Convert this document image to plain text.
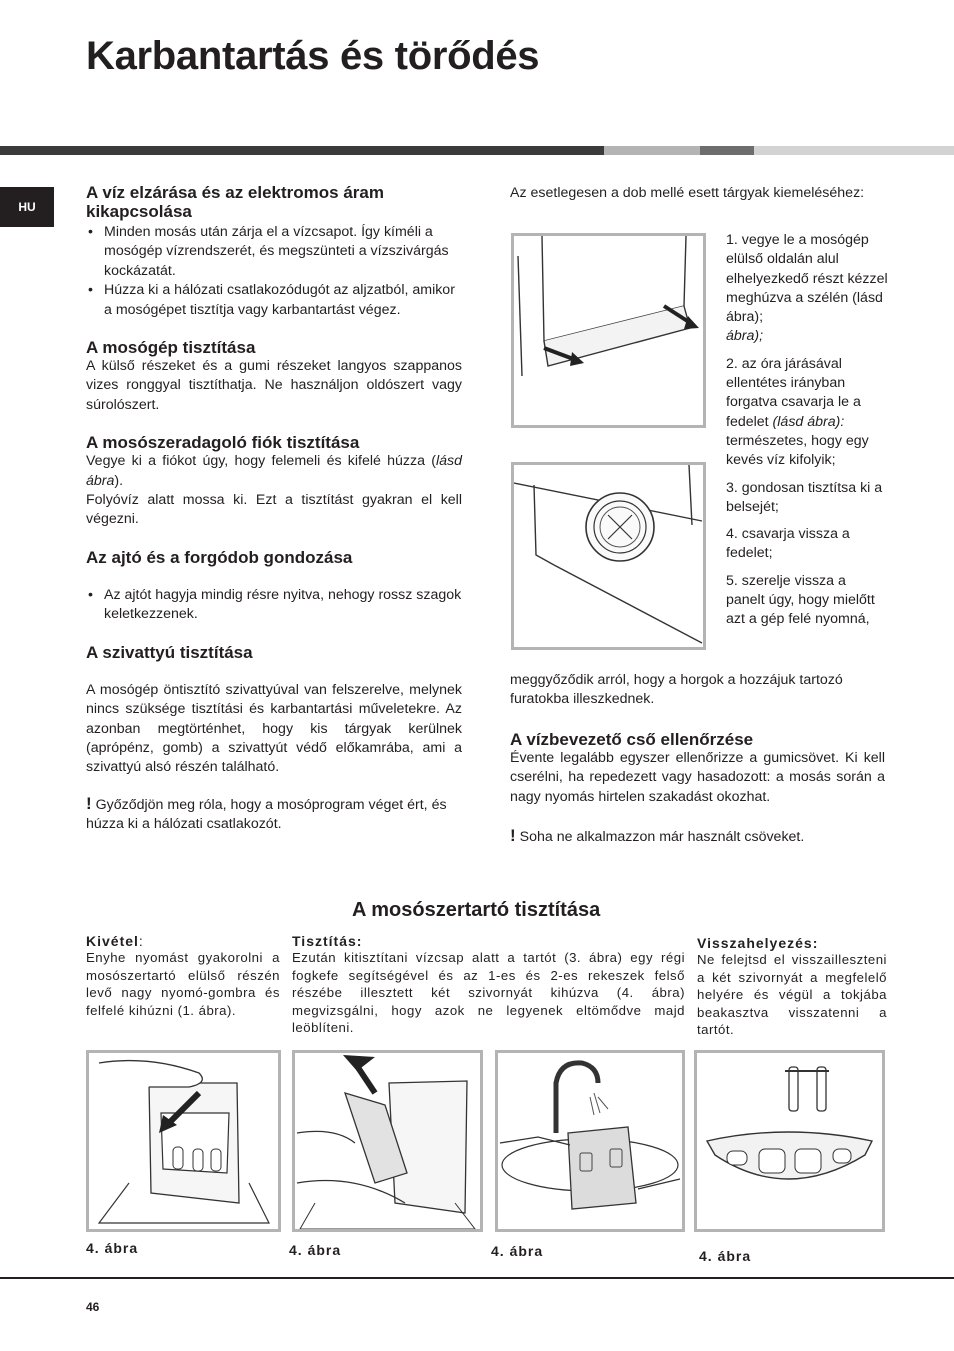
Karbantartás és törődés
HU
A víz elzárása és az elektromos áram kikapcsolása
• Minden mosás után zárja el a vízcsapot. Így kíméli a mosógép vízrendszerét, és megszünteti a vízszivárgás kockázatát.
• Húzza ki a hálózati csatlakozódugót az aljzatból, amikor a mosógépet tisztítja vagy karbantartást végez.
A mosógép tisztítása

A külső részeket és a gumi részeket langyos szappanos vizes ronggyal tisztíthatja. Ne használjon oldószert vagy súrolószert.

A mosószeradagoló fiók tisztítása

Vegye ki a fiókot úgy, hogy felemeli és kifelé húzza (lásd ábra).

Folyóvíz alatt mossa ki. Ezt a tisztítást gyakran el kell végezni.

Az ajtó és a forgódob gondozása
• Az ajtót hagyja mindig résre nyitva, nehogy rossz szagok keletkezzenek.
A szivattyú tisztítása

A mosógép öntisztító szivattyúval van felszerelve, melynek nincs szüksége tisztítási és karbantartási műveletekre. Az azonban megtörténhet, hogy kis tárgyak kerülnek (aprópénz, gomb) a szivattyút védő előkamrába, ami a szivattyú alsó részén található.

! Győződjön meg róla, hogy a mosóprogram véget ért, és húzza ki a hálózati csatlakozót.

Az esetlegesen a dob mellé esett tárgyak kiemeléséhez:

1. vegye le a mosógép elülső oldalán alul elhelyezkedő részt kézzel meghúzva a szélén (lásd ábra);

ábra);

2. az óra járásával ellentétes irányban forgatva csavarja le a fedelet (lásd ábra): természetes, hogy egy kevés víz kifolyik;

3. gondosan tisztítsa ki a belsejét;

4. csavarja vissza a fedelet;

5. szerelje vissza a panelt úgy, hogy mielőtt azt a gép felé nyomná,

meggyőződik arról, hogy a horgok a hozzájuk tartozó furatokba illeszkednek.

A vízbevezető cső ellenőrzése

Évente legalább egyszer ellenőrizze a gumicsövet. Ki kell cserélni, ha repedezett vagy hasadozott: a mosás során a nagy nyomás hirtelen szakadást okozhat.

! Soha ne alkalmazzon már használt csöveket.

A mosószertartó tisztítása
Kivétel:

Enyhe nyomást gyakorolni a mosószertartó elülső részén levő nagy nyomó-gombra és felfelé kihúzni (1. ábra).

Tisztítás:

Ezután kitisztítani vízcsap alatt a tartót (3. ábra) egy régi fogkefe segítségével és az 1-es és 2-es rekeszek felső részébe illesztett két szivornyát kihúzva (4. ábra) megvizsgálni, hogy azok ne legyenek eltömődve majd leöblíteni.

Visszahelyezés:

Ne felejtsd el visszailleszteni a két szivornyát a megfelelő helyére és végül a tokjába beakasztva visszatenni a tartót.

4. ábra	4. ábra	4. ábra	4. ábra
46
